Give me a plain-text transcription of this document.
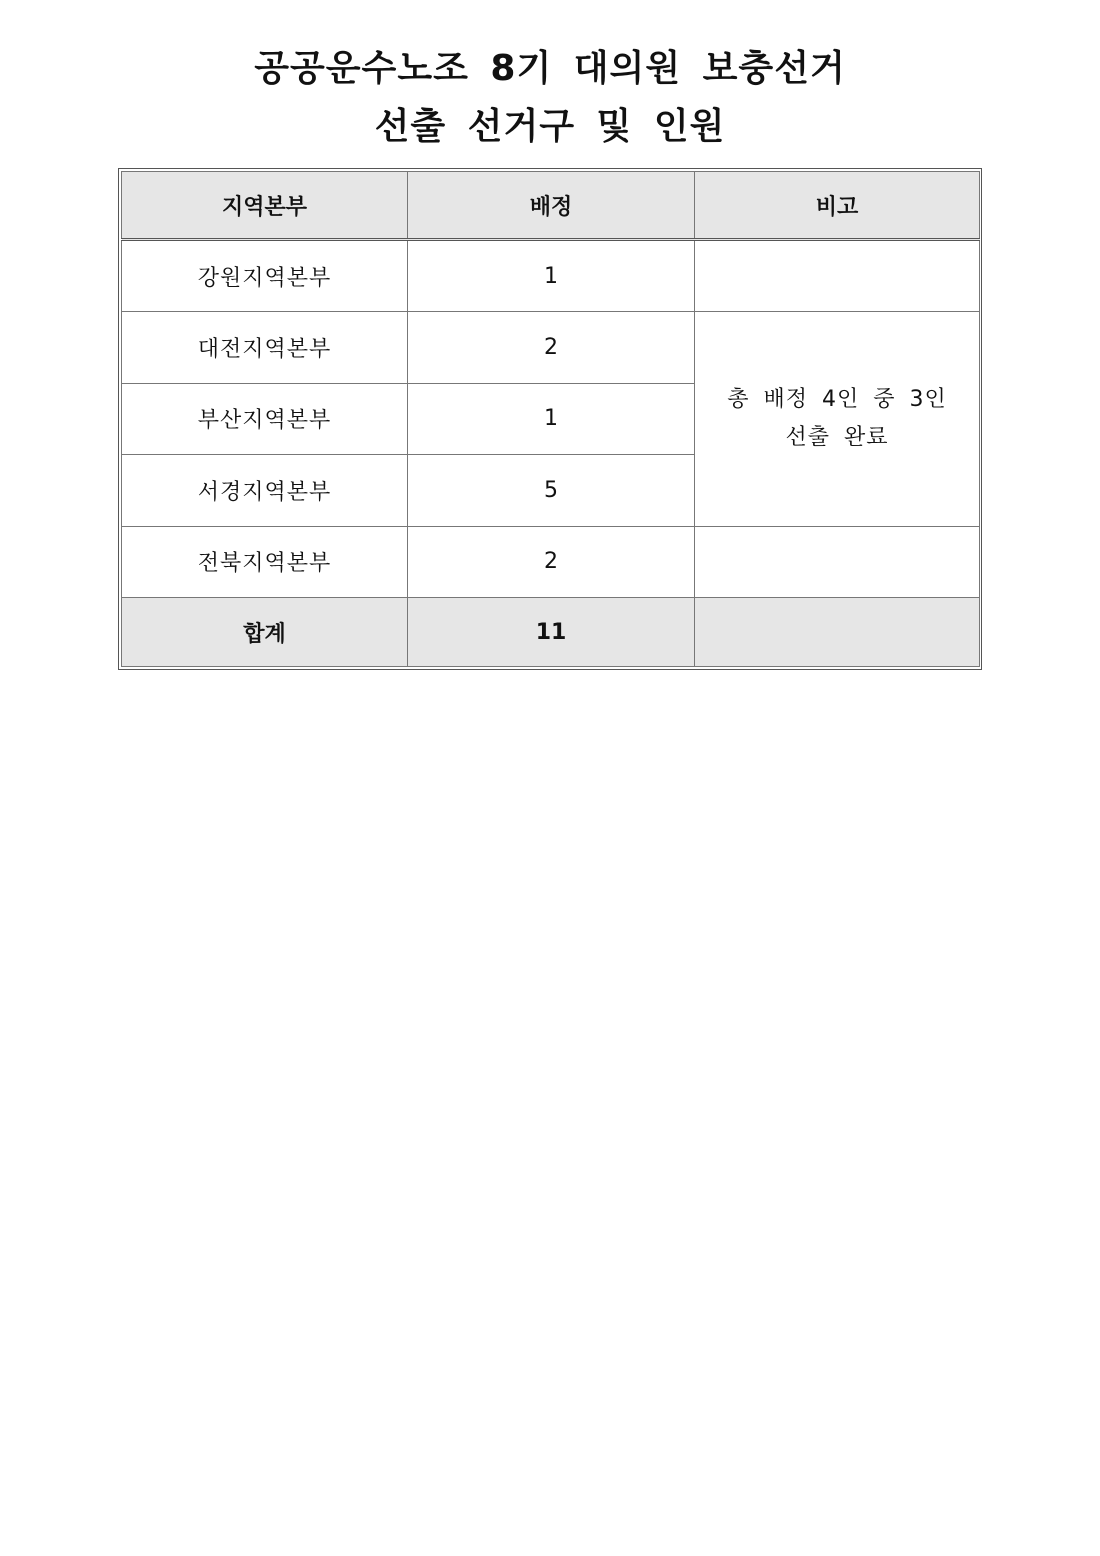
공공운수노조 8기 대의원 보충선거
선출 선거구 및 인원
지역본부	배정	비고
강원지역본부	1	
대전지역본부	2	총 배정 4인 중 3인
선출 완료

부산지역본부	1	
서경지역본부	5	
전북지역본부	2	
합계	11	
